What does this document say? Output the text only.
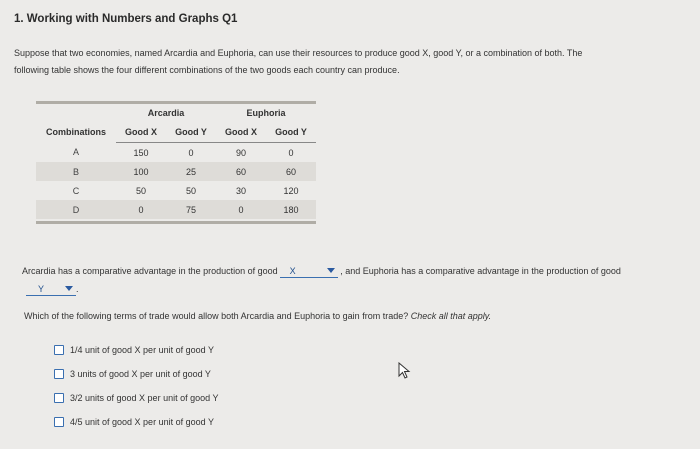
1. Working with Numbers and Graphs Q1
Suppose that two economies, named Arcardia and Euphoria, can use their resources to produce good X, good Y, or a combination of both. The
following table shows the four different combinations of the two goods each country can produce.
	Arcardia		Euphoria	
Combinations	Good X	Good Y	Good X	Good Y
A	150	0	90	0
B	100	25	60	60
C	50	50	30	120
D	0	75	0	180
Arcardia has a comparative advantage in the production of good X	, and Euphoria has a comparative advantage in the production of good
Y	.
Which of the following terms of trade would allow both Arcardia and Euphoria to gain from trade? Check all that apply.
1/4 unit of good X per unit of good Y
3 units of good X per unit of good Y
3/2 units of good X per unit of good Y
4/5 unit of good X per unit of good Y
